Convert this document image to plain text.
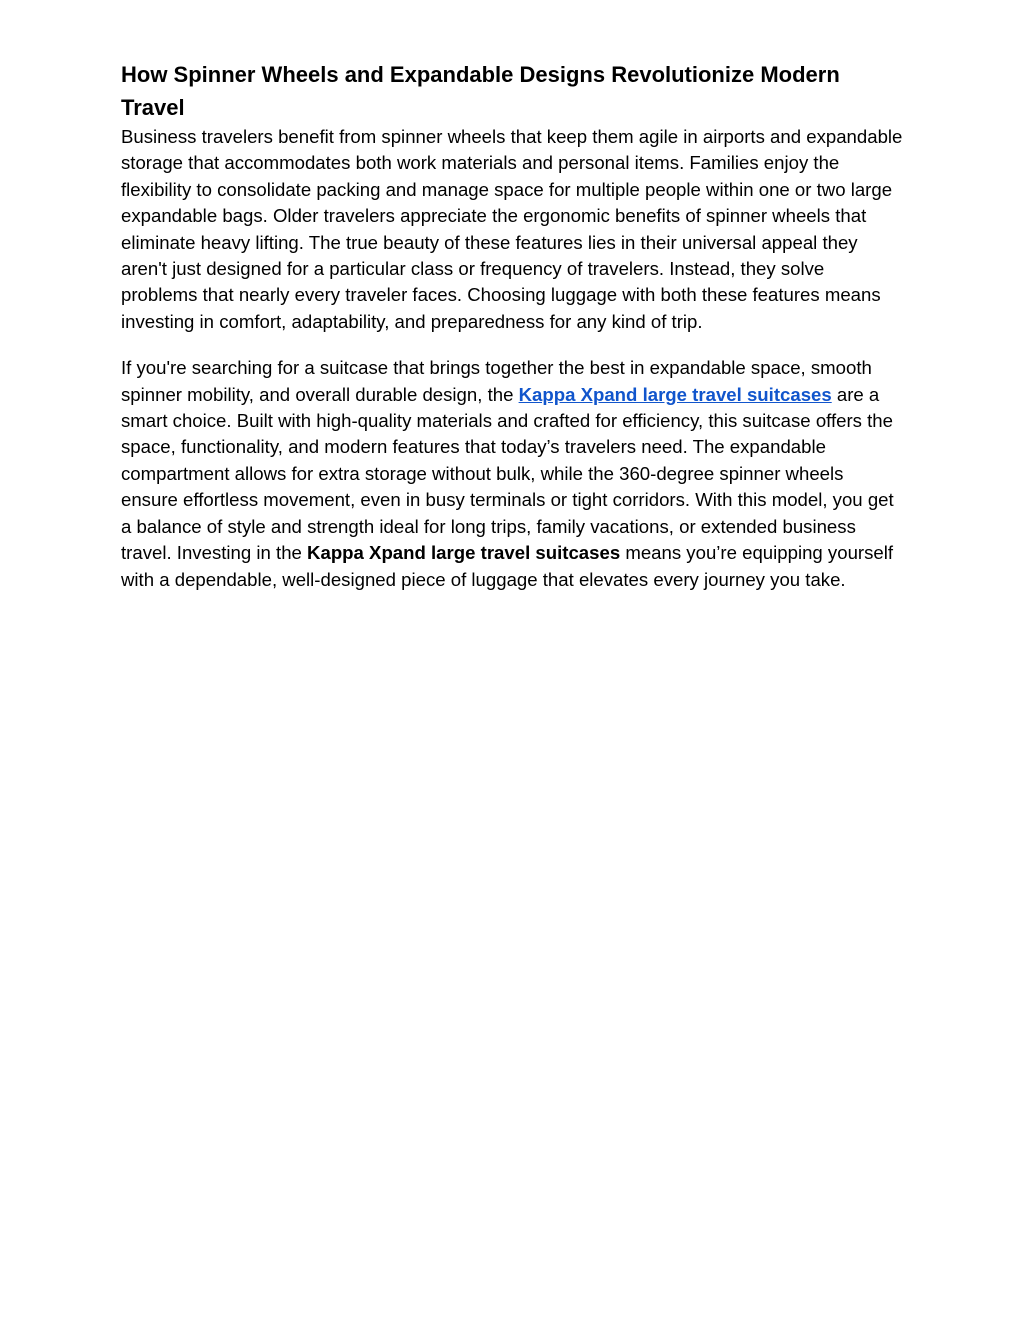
How Spinner Wheels and Expandable Designs Revolutionize Modern Travel

Business travelers benefit from spinner wheels that keep them agile in airports and expandable storage that accommodates both work materials and personal items. Families enjoy the flexibility to consolidate packing and manage space for multiple people within one or two large expandable bags. Older travelers appreciate the ergonomic benefits of spinner wheels that eliminate heavy lifting. The true beauty of these features lies in their universal appeal they aren't just designed for a particular class or frequency of travelers. Instead, they solve problems that nearly every traveler faces. Choosing luggage with both these features means investing in comfort, adaptability, and preparedness for any kind of trip.

If you're searching for a suitcase that brings together the best in expandable space, smooth spinner mobility, and overall durable design, the Kappa Xpand large travel suitcases are a smart choice. Built with high-quality materials and crafted for efficiency, this suitcase offers the space, functionality, and modern features that today’s travelers need. The expandable compartment allows for extra storage without bulk, while the 360-degree spinner wheels ensure effortless movement, even in busy terminals or tight corridors. With this model, you get a balance of style and strength ideal for long trips, family vacations, or extended business travel. Investing in the Kappa Xpand large travel suitcases means you’re equipping yourself with a dependable, well-designed piece of luggage that elevates every journey you take.
